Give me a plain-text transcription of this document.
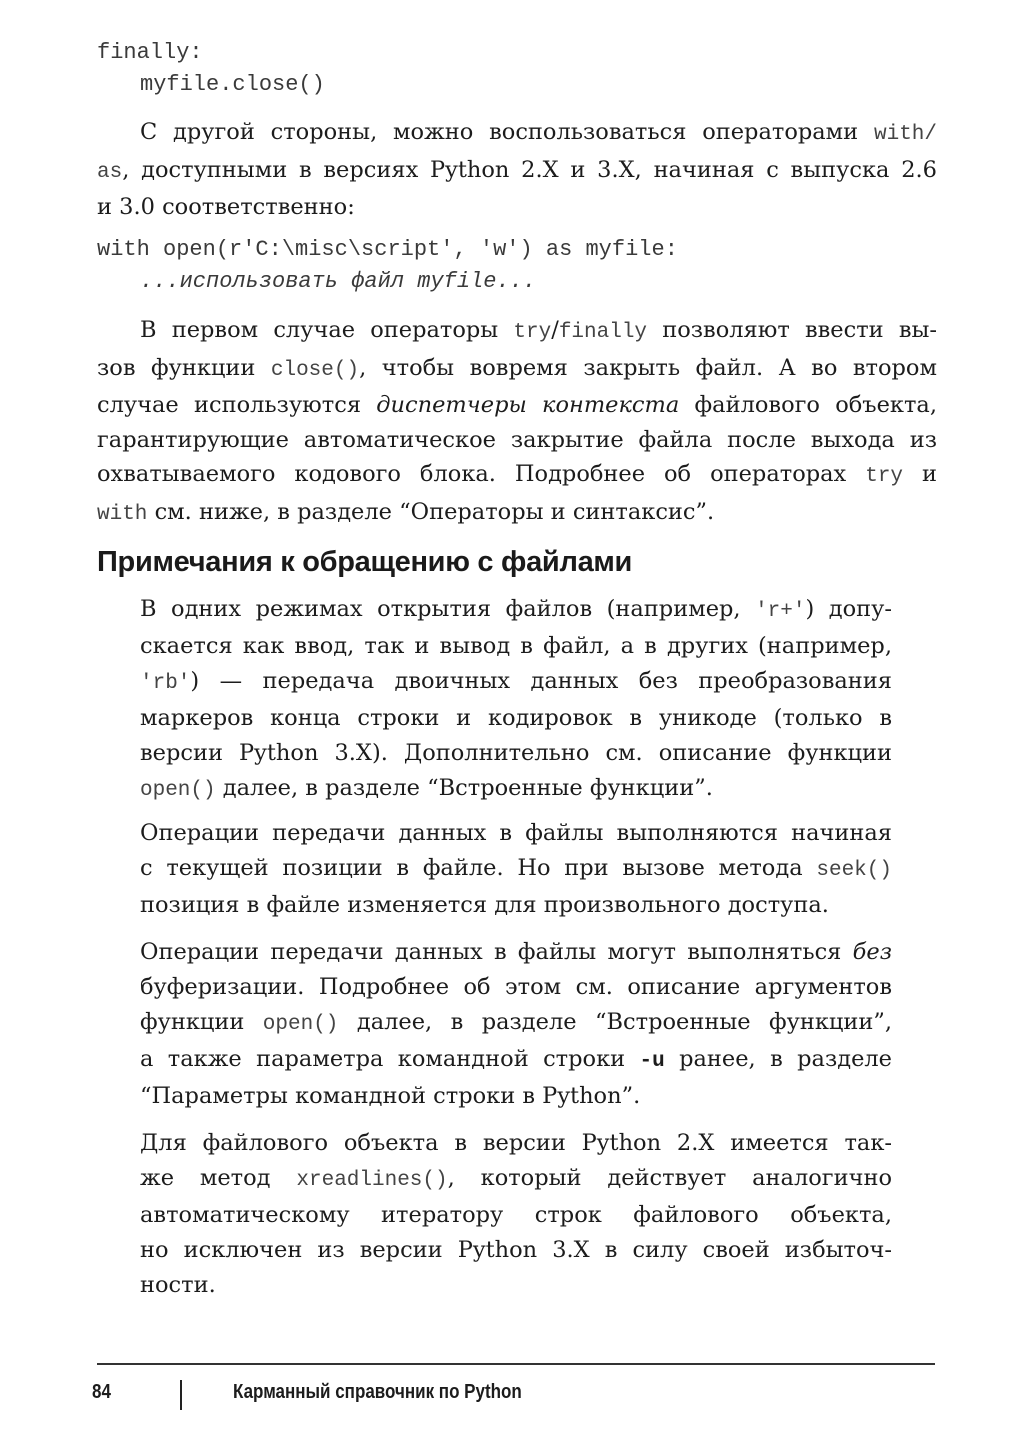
finally:
myfile.close()
С другой стороны, можно воспользоваться операторами with/
as, доступными в версиях Python 2.X и 3.X, начиная с выпуска 2.6
и 3.0 соответственно:
with open(r'C:\misc\script', 'w') as myfile:
...использовать файл myfile...
В первом случае операторы try/finally позволяют ввести вы-
зов функции close(), чтобы вовремя закрыть файл. А во втором
случае используются диспетчеры контекста файлового объекта,
гарантирующие автоматическое закрытие файла после выхода из
охватываемого кодового блока. Подробнее об операторах try и
with см. ниже, в разделе “Операторы и синтаксис”.
Примечания к обращению с файлами
В одних режимах открытия файлов (например, 'r+') допу-
скается как ввод, так и вывод в файл, а в других (например,
'rb') — передача двоичных данных без преобразования
маркеров конца строки и кодировок в уникоде (только в
версии Python 3.X). Дополнительно см. описание функции
open() далее, в разделе “Встроенные функции”.
Операции передачи данных в файлы выполняются начиная
с текущей позиции в файле. Но при вызове метода seek()
позиция в файле изменяется для произвольного доступа.
Операции передачи данных в файлы могут выполняться без
буферизации. Подробнее об этом см. описание аргументов
функции open() далее, в разделе “Встроенные функции”,
а также параметра командной строки -u ранее, в разделе
“Параметры командной строки в Python”.
Для файлового объекта в версии Python 2.X имеется так-
же метод xreadlines(), который действует аналогично
автоматическому итератору строк файлового объекта,
но исключен из версии Python 3.X в силу своей избыточ-
ности.
84	Карманный справочник по Python
